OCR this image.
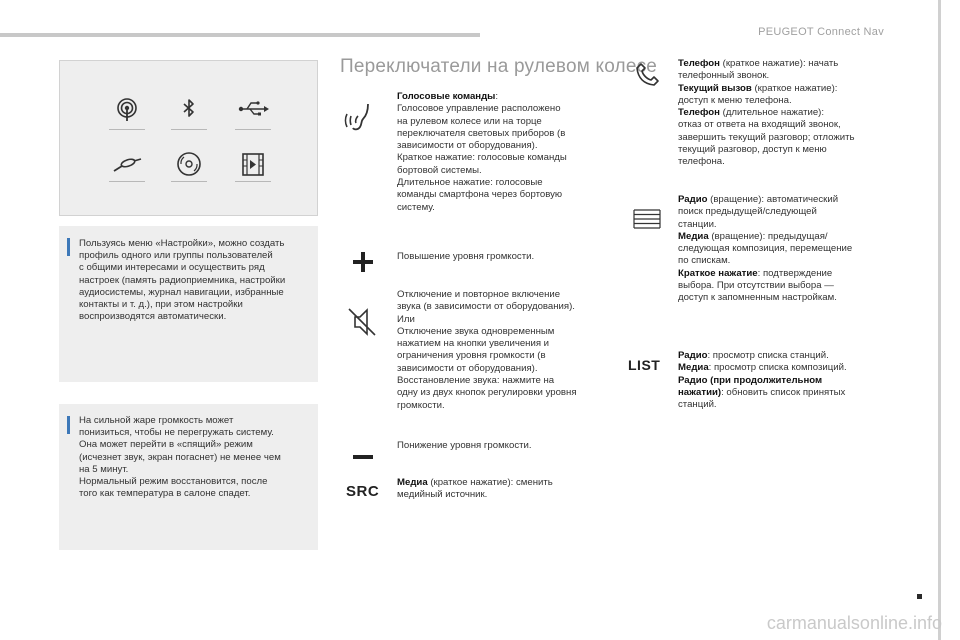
PEUGEOT Connect Nav
Пользуясь меню «Настройки», можно создать
профиль одного или группы пользователей
с общими интересами и осуществить ряд
настроек (память радиоприемника, настройки
аудиосистемы, журнал навигации, избранные
контакты и т. д.), при этом настройки
воспроизводятся автоматически.
На сильной жаре громкость может
понизиться, чтобы не перегружать систему.
Она может перейти в «спящий» режим
(исчезнет звук, экран погаснет) не менее чем
на 5 минут.
Нормальный режим восстановится, после
того как температура в салоне спадет.
Переключатели на рулевом колесе
Голосовые команды:
Голосовое управление расположено
на рулевом колесе или на торце
переключателя световых приборов (в
зависимости от оборудования).
Краткое нажатие: голосовые команды
бортовой системы.
Длительное нажатие: голосовые
команды смартфона через бортовую
систему.
Повышение уровня громкости.
Отключение и повторное включение
звука (в зависимости от оборудования).
Или
Отключение звука одновременным
нажатием на кнопки увеличения и
ограничения уровня громкости (в
зависимости от оборудования).
Восстановление звука: нажмите на
одну из двух кнопок регулировки уровня
громкости.
Понижение уровня громкости.
SRC
Медиа (краткое нажатие): сменить
медийный источник.
Телефон (краткое нажатие): начать
телефонный звонок.
Текущий вызов (краткое нажатие):
доступ к меню телефона.
Телефон (длительное нажатие):
отказ от ответа на входящий звонок,
завершить текущий разговор; отложить
текущий разговор, доступ к меню
телефона.
Радио (вращение): автоматический
поиск предыдущей/следующей
станции.
Медиа (вращение): предыдущая/
следующая композиция, перемещение
по спискам.
Краткое нажатие: подтверждение
выбора. При отсутствии выбора —
доступ к запомненным настройкам.
LIST
Радио: просмотр списка станций.
Медиа: просмотр списка композиций.
Радио (при продолжительном
нажатии): обновить список принятых
станций.
carmanualsonline.info
